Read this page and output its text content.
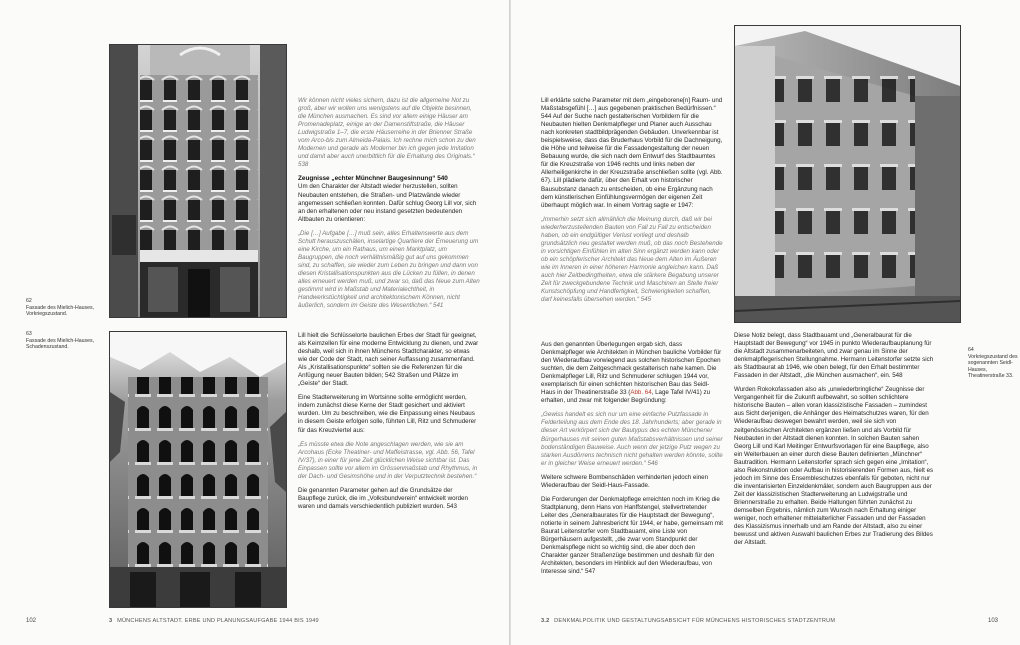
62
Fassade des Mielich-Hauses, Vorkriegszustand.
63
Fassade des Mielich-Hauses, Schadenszustand.

Wir können nicht vieles sichern, dazu ist die allgemeine Not zu groß, aber wir wollen uns wenigstens auf die Objekte besinnen, die München ausmachen. Es sind vor allem einige Häuser am Promenadeplatz, einige an der Damenstiftstraße, die Häuser Ludwigstraße 1–7, die erste Häuserreihe in der Brienner Straße vom Arco-bis zum Almeida-Palais. Ich rechne mich schon zu den Modernen und gerade als Moderner bin ich gegen jede Imitation und damit aber auch unerbittlich für die Erhaltung des Originals.“ 538

Zeugnisse „echter Münchner Baugesinnung“ 540

Um den Charakter der Altstadt wieder herzustellen, sollten Neubauten entstehen, die Straßen- und Platzwände wieder angemessen schließen konnten. Dafür schlug Georg Lill vor, sich an den erhaltenen oder neu instand gesetzten bedeutenden Altbauten zu orientieren:

„Die […] Aufgabe […] muß sein, alles Erhaltenswerte aus dem Schutt herauszuschälen, inselartige Quartiere der Erneuerung um eine Kirche, um ein Rathaus, um einen Marktplatz, um Baugruppen, die noch verhältnismäßig gut auf uns gekommen sind, zu schaffen, sie wieder zum Leben zu bringen und dann von diesen Kristallisationspunkten aus die Lücken zu füllen, in denen alles erneuert werden muß, und zwar so, daß das Neue zum Alten gestimmt wird in Maßstab und Materialechtheit, in Handwerkstüchtigkeit und architektonischem Können, nicht äußerlich, sondern im Geiste des Wesentlichen.“ 541

Lill hielt die Schlüsselorte baulichen Erbes der Stadt für geeignet, als Keimzellen für eine moderne Entwicklung zu dienen, und zwar deshalb, weil sich in ihnen Münchens Stadtcharakter, so etwas wie der Code der Stadt, nach seiner Auffassung zusammenfand. Als „Kristallisationspunkte“ sollten sie die Referenzen für die Anfügung neuer Bauten bilden; 542 Straßen und Plätze im „Geiste“ der Stadt.

Eine Stadterweiterung im Wortsinne sollte ermöglicht werden, indem zunächst diese Kerne der Stadt gesichert und aktiviert wurden. Um zu beschreiben, wie die Einpassung eines Neubaus in diesem Geiste erfolgen solle, führten Lill, Ritz und Schmuderer für das Kreuzviertel aus:

„Es müsste etwa die Note angeschlagen werden, wie sie am Arcohaus (Ecke Theatiner- und Maffeistrasse, vgl. Abb. 56, Tafel IV/37), in einer für jene Zeit glücklichen Weise sichtbar ist. Das Einpassen sollte vor allem im Grössenmaßstab und Rhythmus, in der Dach- und Gesimshöhe und in der Verputztechnik bestehen.“

Die genannten Parameter gehen auf die Grundsätze der Baupflege zurück, die im „Volksbundverein“ entwickelt worden waren und damals verschiedentlich publiziert wurden. 543

102	3 MÜNCHENS ALTSTADT. ERBE UND PLANUNGSAUFGABE 1944 BIS 1949

Lill erklärte solche Parameter mit dem „eingeborene[n] Raum- und Maßstabsgefühl […] aus gegebenen praktischen Bedürfnissen.“ 544 Auf der Suche nach gestalterischen Vorbildern für die Neubauten hielten Denkmalpfleger und Planer auch Ausschau nach konkreten stadtbildprägenden Gebäuden. Unverkennbar ist beispielsweise, dass das Bruderhaus Vorbild für die Dachneigung, die Höhe und teilweise für die Fassadengestaltung der neuen Bebauung wurde, die sich nach dem Entwurf des Stadtbaumtes für die Kreuzstraße von 1946 rechts und links neben der Allerheiligenkirche in der Kreuzstraße anschließen sollte (vgl. Abb. 67). Lill plädierte dafür, über den Erhalt von historischer Bausubstanz danach zu entscheiden, ob eine Ergänzung nach dem künstlerischen Einfühlungsvermögen der eigenen Zeit überhaupt möglich war. In einem Vortrag sagte er 1947:

„Immerhin setzt sich allmählich die Meinung durch, daß wir bei wiederherzustellenden Bauten von Fall zu Fall zu entscheiden haben, ob ein endgültiger Verlust vorliegt und deshalb grundsätzlich neu gestaltet werden muß, ob das noch Bestehende in vorsichtigen Einfühlen im alten Sinn ergänzt werden kann oder ob ein schöpferischer Architekt das Neue dem Alten im Äußeren wie im Inneren in einer höheren Harmonie angleichen kann. Daß auch hier Zeitbedingtheiten, etwa die stärkere Begabung unserer Zeit für zweckgebundene Technik und Maschinen an Stelle freier Kunstschöpfung und Handfertigkeit, Schwierigkeiten schaffen, darf keinesfalls übersehen werden.“ 545

64
Vorkriegszustand des sogenannten Seidl-Hauses, Theatinerstraße 33.

Aus den genannten Überlegungen ergab sich, dass Denkmalpfleger wie Architekten in München bauliche Vorbilder für den Wiederaufbau vorwiegend aus solchen historischen Epochen suchten, die dem Zeitgeschmack gestalterisch nahe kamen. Die Denkmalpfleger Lill, Ritz und Schmuderer schlugen 1944 vor, exemplarisch für einen schlichten historischen Bau das Seidl-Haus in der Theatinerstraße 33 (Abb. 64, Lage Tafel IV/41) zu erhalten, und zwar mit folgender Begründung:

„Gewiss handelt es sich nur um eine einfache Putzfassade in Felderteilung aus dem Ende des 18. Jahrhunderts; aber gerade in dieser Art verkörpert sich der Bautypus des echten Münchener Bürgerhauses mit seinen guten Maßstabsverhältnissen und seiner bodenständigen Bauweise. Auch wenn der jetzige Putz wegen zu starken Ausdörrens technisch nicht gehalten werden könnte, sollte er in gleicher Weise erneuert werden.“ 546

Weitere schwere Bombenschäden verhinderten jedoch einen Wiederaufbau der Seidl-Haus-Fassade.

Die Forderungen der Denkmalpflege erreichten noch im Krieg die Stadtplanung, denn Hans von Hanffstengel, stellvertretender Leiter des „Generalbaurates für die Hauptstadt der Bewegung“, notierte in seinem Jahresbericht für 1944, er habe, gemeinsam mit Baurat Leitenstorfer vom Stadtbauamt, eine Liste von Bürgerhäusern aufgestellt, „die zwar vom Standpunkt der Denkmalspflege nicht so wichtig sind, die aber doch den Charakter ganzer Straßenzüge bestimmen und deshalb für den Architekten, besonders im Hinblick auf den Wiederaufbau, von Interesse sind.“ 547

Diese Notiz belegt, dass Stadtbauamt und „Generalbaurat für die Hauptstadt der Bewegung“ vor 1945 in punkto Wiederaufbauplanung für die Altstadt zusammenarbeiteten, und zwar genau im Sinne der denkmalpflegerischen Stellungnahme. Hermann Leitenstorfer setzte sich als Stadtbaurat ab 1946, wie oben belegt, für den Erhalt bestimmter Fassaden in der Altstadt, „die München ausmachen“, ein. 548

Wurden Rokokofassaden also als „unwiederbringliche“ Zeugnisse der Vergangenheit für die Zukunft aufbewahrt, so sollten schlichtere historische Bauten – allen voran klassizistische Fassaden – zumindest aus Sicht derjenigen, die Anhänger des Heimatschutzes waren, für den Wiederaufbau deswegen bewahrt werden, weil sie sich von zeitgenössischen Architekten ergänzen ließen und als Vorbild für Neubauten in der Altstadt dienen konnten. In solchen Bauten sahen Georg Lill und Karl Meitinger Entwurfsvorlagen für eine Baupflege, also ein Weiterbauen an einer durch diese Bauten definierten „Münchner“ Bautradition. Hermann Leitenstorfer sprach sich gegen eine „Imitation“, also Rekonstruktion oder Aufbau in historisierenden Formen aus, hielt es jedoch im Sinne des Ensembleschutzes ebenfalls für geboten, nicht nur die inventarisierten Einzeldenkmäler, sondern auch Baugruppen aus der Zeit der klassizistischen Stadterweiterung an Ludwigstraße und Briennerstraße zu erhalten. Beide Haltungen führten zunächst zu demselben Ergebnis, nämlich zum Wunsch nach Erhaltung einiger weniger, noch erhaltener mittelalterlicher Fassaden und der Fassaden des Klassizismus innerhalb und am Rande der Altstadt, also zu einer bewusst und aktiven Auswahl baulichen Erbes zur Tradierung des Bildes der Altstadt.

3.2 DENKMALPOLITIK UND GESTALTUNGSABSICHT FÜR MÜNCHENS HISTORISCHES STADTZENTRUM	103
